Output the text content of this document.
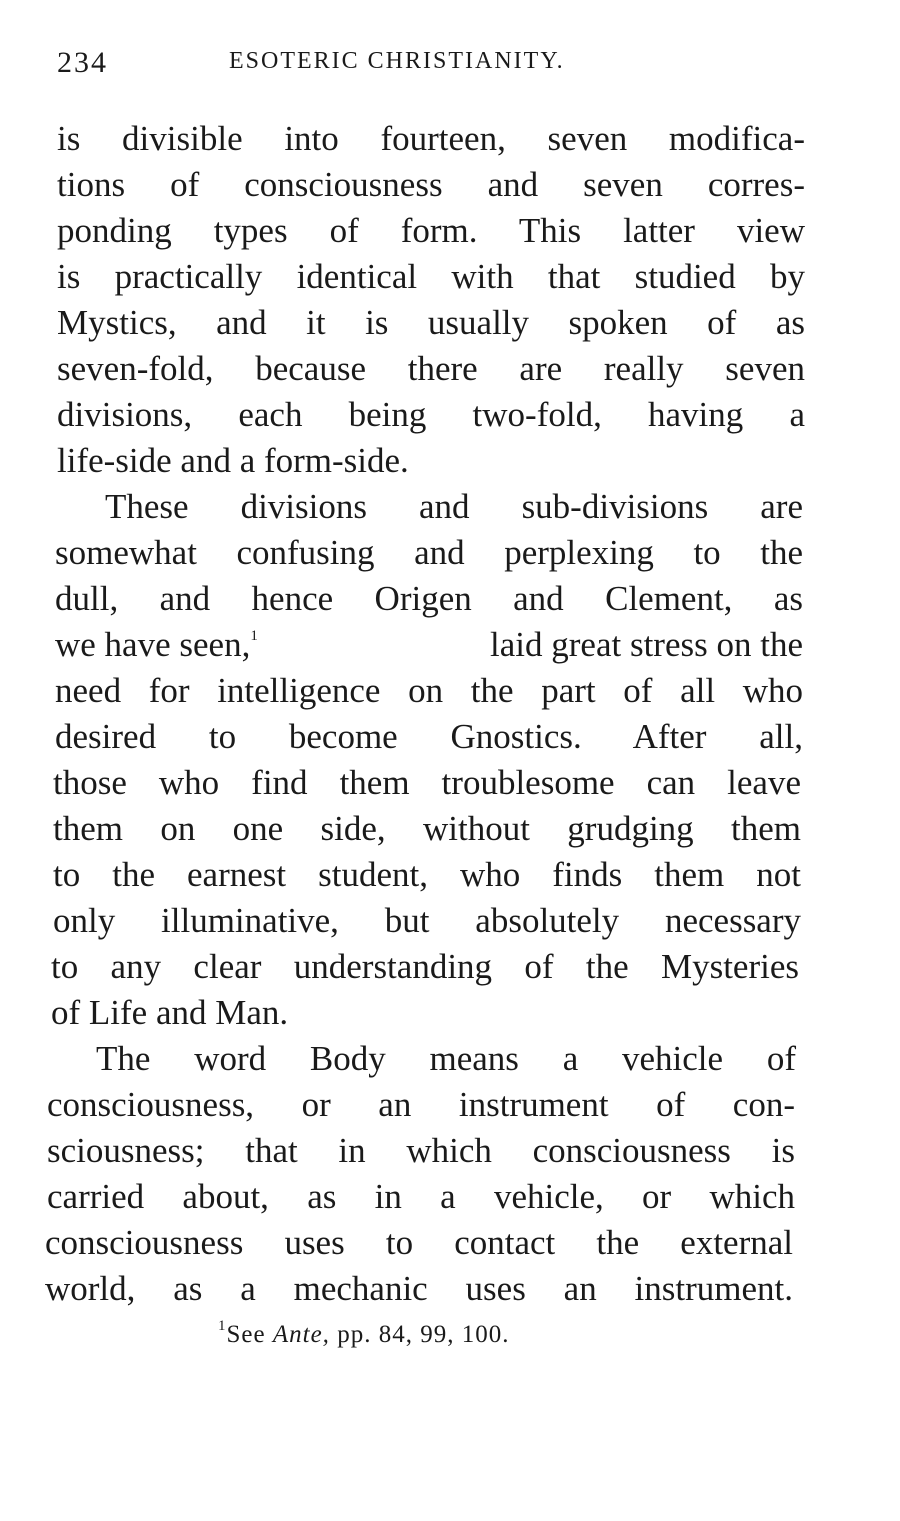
234	ESOTERIC CHRISTIANITY.
is divisible into fourteen, seven modifica-
tions of consciousness and seven corres-
ponding types of form. This latter view
is practically identical with that studied by
Mystics, and it is usually spoken of as
seven-fold, because there are really seven
divisions, each being two-fold, having a
life-side and a form-side.
These divisions and sub-divisions are
somewhat confusing and perplexing to the
dull, and hence Origen and Clement, as
we have seen,$^1$	laid great stress on the
need for intelligence on the part of all who
desired to become Gnostics. After all,
those who find them troublesome can leave
them on one side, without grudging them
to the earnest student, who finds them not
only illuminative, but absolutely necessary
to any clear understanding of the Mysteries
of Life and Man.
The word Body means a vehicle of
consciousness, or an instrument of con-
sciousness; that in which consciousness is
carried about, as in a vehicle, or which
consciousness uses to contact the external
world, as a mechanic uses an instrument.
$^1$See Ante, pp. 84, 99, 100.
